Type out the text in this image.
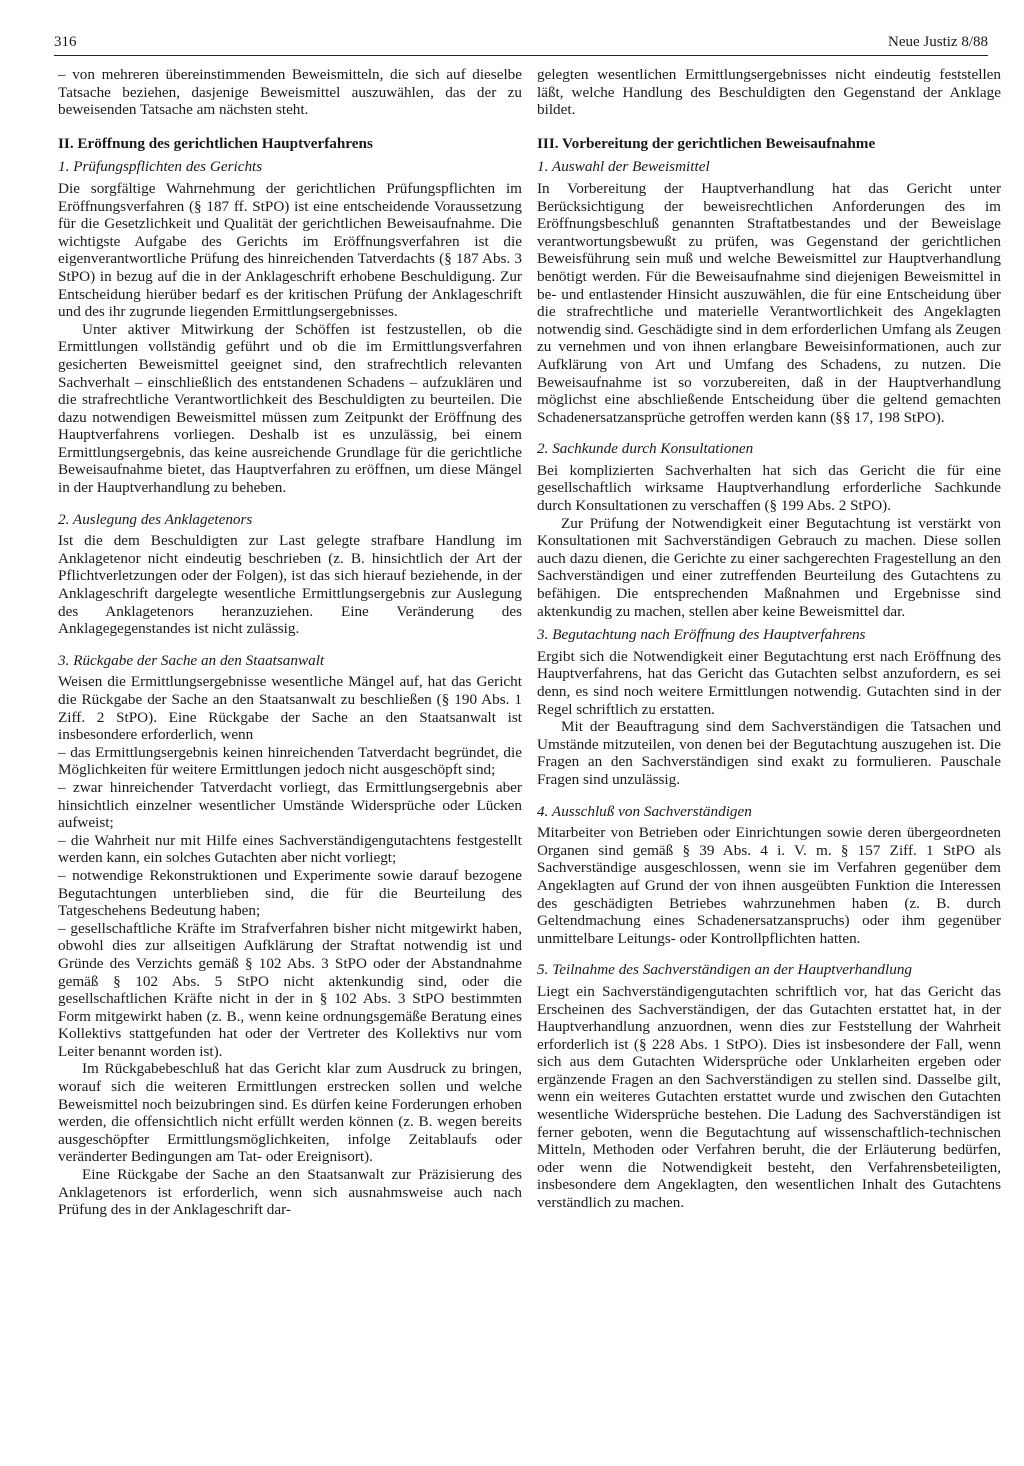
316	Neue Justiz 8/88

– von mehreren übereinstimmenden Beweismitteln, die sich auf dieselbe Tatsache beziehen, dasjenige Beweismittel auszuwählen, das der zu beweisenden Tatsache am nächsten steht.

II. Eröffnung des gerichtlichen Hauptverfahrens
1. Prüfungspflichten des Gerichts

Die sorgfältige Wahrnehmung der gerichtlichen Prüfungspflichten im Eröffnungsverfahren (§ 187 ff. StPO) ist eine entscheidende Voraussetzung für die Gesetzlichkeit und Qualität der gerichtlichen Beweisaufnahme. Die wichtigste Aufgabe des Gerichts im Eröffnungsverfahren ist die eigenverantwortliche Prüfung des hinreichenden Tatverdachts (§ 187 Abs. 3 StPO) in bezug auf die in der Anklageschrift erhobene Beschuldigung. Zur Entscheidung hierüber bedarf es der kritischen Prüfung der Anklageschrift und des ihr zugrunde liegenden Ermittlungsergebnisses.

Unter aktiver Mitwirkung der Schöffen ist festzustellen, ob die Ermittlungen vollständig geführt und ob die im Ermittlungsverfahren gesicherten Beweismittel geeignet sind, den strafrechtlich relevanten Sachverhalt – einschließlich des entstandenen Schadens – aufzuklären und die strafrechtliche Verantwortlichkeit des Beschuldigten zu beurteilen. Die dazu notwendigen Beweismittel müssen zum Zeitpunkt der Eröffnung des Hauptverfahrens vorliegen. Deshalb ist es unzulässig, bei einem Ermittlungsergebnis, das keine ausreichende Grundlage für die gerichtliche Beweisaufnahme bietet, das Hauptverfahren zu eröffnen, um diese Mängel in der Hauptverhandlung zu beheben.

2. Auslegung des Anklagetenors

Ist die dem Beschuldigten zur Last gelegte strafbare Handlung im Anklagetenor nicht eindeutig beschrieben (z. B. hinsichtlich der Art der Pflichtverletzungen oder der Folgen), ist das sich hierauf beziehende, in der Anklageschrift dargelegte wesentliche Ermittlungsergebnis zur Auslegung des Anklagetenors heranzuziehen. Eine Veränderung des Anklagegegenstandes ist nicht zulässig.

3. Rückgabe der Sache an den Staatsanwalt

Weisen die Ermittlungsergebnisse wesentliche Mängel auf, hat das Gericht die Rückgabe der Sache an den Staatsanwalt zu beschließen (§ 190 Abs. 1 Ziff. 2 StPO). Eine Rückgabe der Sache an den Staatsanwalt ist insbesondere erforderlich, wenn

– das Ermittlungsergebnis keinen hinreichenden Tatverdacht begründet, die Möglichkeiten für weitere Ermittlungen jedoch nicht ausgeschöpft sind;

– zwar hinreichender Tatverdacht vorliegt, das Ermittlungsergebnis aber hinsichtlich einzelner wesentlicher Umstände Widersprüche oder Lücken aufweist;

– die Wahrheit nur mit Hilfe eines Sachverständigengutachtens festgestellt werden kann, ein solches Gutachten aber nicht vorliegt;

– notwendige Rekonstruktionen und Experimente sowie darauf bezogene Begutachtungen unterblieben sind, die für die Beurteilung des Tatgeschehens Bedeutung haben;

– gesellschaftliche Kräfte im Strafverfahren bisher nicht mitgewirkt haben, obwohl dies zur allseitigen Aufklärung der Straftat notwendig ist und Gründe des Verzichts gemäß § 102 Abs. 3 StPO oder der Abstandnahme gemäß § 102 Abs. 5 StPO nicht aktenkundig sind, oder die gesellschaftlichen Kräfte nicht in der in § 102 Abs. 3 StPO bestimmten Form mitgewirkt haben (z. B., wenn keine ordnungsgemäße Beratung eines Kollektivs stattgefunden hat oder der Vertreter des Kollektivs nur vom Leiter benannt worden ist).

Im Rückgabebeschluß hat das Gericht klar zum Ausdruck zu bringen, worauf sich die weiteren Ermittlungen erstrecken sollen und welche Beweismittel noch beizubringen sind. Es dürfen keine Forderungen erhoben werden, die offensichtlich nicht erfüllt werden können (z. B. wegen bereits ausgeschöpfter Ermittlungsmöglichkeiten, infolge Zeitablaufs oder veränderter Bedingungen am Tat- oder Ereignisort).

Eine Rückgabe der Sache an den Staatsanwalt zur Präzisierung des Anklagetenors ist erforderlich, wenn sich ausnahmsweise auch nach Prüfung des in der Anklageschrift dar-

gelegten wesentlichen Ermittlungsergebnisses nicht eindeutig feststellen läßt, welche Handlung des Beschuldigten den Gegenstand der Anklage bildet.

III. Vorbereitung der gerichtlichen Beweisaufnahme
1. Auswahl der Beweismittel

In Vorbereitung der Hauptverhandlung hat das Gericht unter Berücksichtigung der beweisrechtlichen Anforderungen des im Eröffnungsbeschluß genannten Straftatbestandes und der Beweislage verantwortungsbewußt zu prüfen, was Gegenstand der gerichtlichen Beweisführung sein muß und welche Beweismittel zur Hauptverhandlung benötigt werden. Für die Beweisaufnahme sind diejenigen Beweismittel in be- und entlastender Hinsicht auszuwählen, die für eine Entscheidung über die strafrechtliche und materielle Verantwortlichkeit des Angeklagten notwendig sind. Geschädigte sind in dem erforderlichen Umfang als Zeugen zu vernehmen und von ihnen erlangbare Beweisinformationen, auch zur Aufklärung von Art und Umfang des Schadens, zu nutzen. Die Beweisaufnahme ist so vorzubereiten, daß in der Hauptverhandlung möglichst eine abschließende Entscheidung über die geltend gemachten Schadenersatzansprüche getroffen werden kann (§§ 17, 198 StPO).

2. Sachkunde durch Konsultationen

Bei komplizierten Sachverhalten hat sich das Gericht die für eine gesellschaftlich wirksame Hauptverhandlung erforderliche Sachkunde durch Konsultationen zu verschaffen (§ 199 Abs. 2 StPO).

Zur Prüfung der Notwendigkeit einer Begutachtung ist verstärkt von Konsultationen mit Sachverständigen Gebrauch zu machen. Diese sollen auch dazu dienen, die Gerichte zu einer sachgerechten Fragestellung an den Sachverständigen und einer zutreffenden Beurteilung des Gutachtens zu befähigen. Die entsprechenden Maßnahmen und Ergebnisse sind aktenkundig zu machen, stellen aber keine Beweismittel dar.

3. Begutachtung nach Eröffnung des Hauptverfahrens

Ergibt sich die Notwendigkeit einer Begutachtung erst nach Eröffnung des Hauptverfahrens, hat das Gericht das Gutachten selbst anzufordern, es sei denn, es sind noch weitere Ermittlungen notwendig. Gutachten sind in der Regel schriftlich zu erstatten.

Mit der Beauftragung sind dem Sachverständigen die Tatsachen und Umstände mitzuteilen, von denen bei der Begutachtung auszugehen ist. Die Fragen an den Sachverständigen sind exakt zu formulieren. Pauschale Fragen sind unzulässig.

4. Ausschluß von Sachverständigen

Mitarbeiter von Betrieben oder Einrichtungen sowie deren übergeordneten Organen sind gemäß § 39 Abs. 4 i. V. m. § 157 Ziff. 1 StPO als Sachverständige ausgeschlossen, wenn sie im Verfahren gegenüber dem Angeklagten auf Grund der von ihnen ausgeübten Funktion die Interessen des geschädigten Betriebes wahrzunehmen haben (z. B. durch Geltendmachung eines Schadenersatzanspruchs) oder ihm gegenüber unmittelbare Leitungs- oder Kontrollpflichten hatten.

5. Teilnahme des Sachverständigen an der Hauptverhandlung

Liegt ein Sachverständigengutachten schriftlich vor, hat das Gericht das Erscheinen des Sachverständigen, der das Gutachten erstattet hat, in der Hauptverhandlung anzuordnen, wenn dies zur Feststellung der Wahrheit erforderlich ist (§ 228 Abs. 1 StPO). Dies ist insbesondere der Fall, wenn sich aus dem Gutachten Widersprüche oder Unklarheiten ergeben oder ergänzende Fragen an den Sachverständigen zu stellen sind. Dasselbe gilt, wenn ein weiteres Gutachten erstattet wurde und zwischen den Gutachten wesentliche Widersprüche bestehen. Die Ladung des Sachverständigen ist ferner geboten, wenn die Begutachtung auf wissenschaftlich-technischen Mitteln, Methoden oder Verfahren beruht, die der Erläuterung bedürfen, oder wenn die Notwendigkeit besteht, den Verfahrensbeteiligten, insbesondere dem Angeklagten, den wesentlichen Inhalt des Gutachtens verständlich zu machen.
